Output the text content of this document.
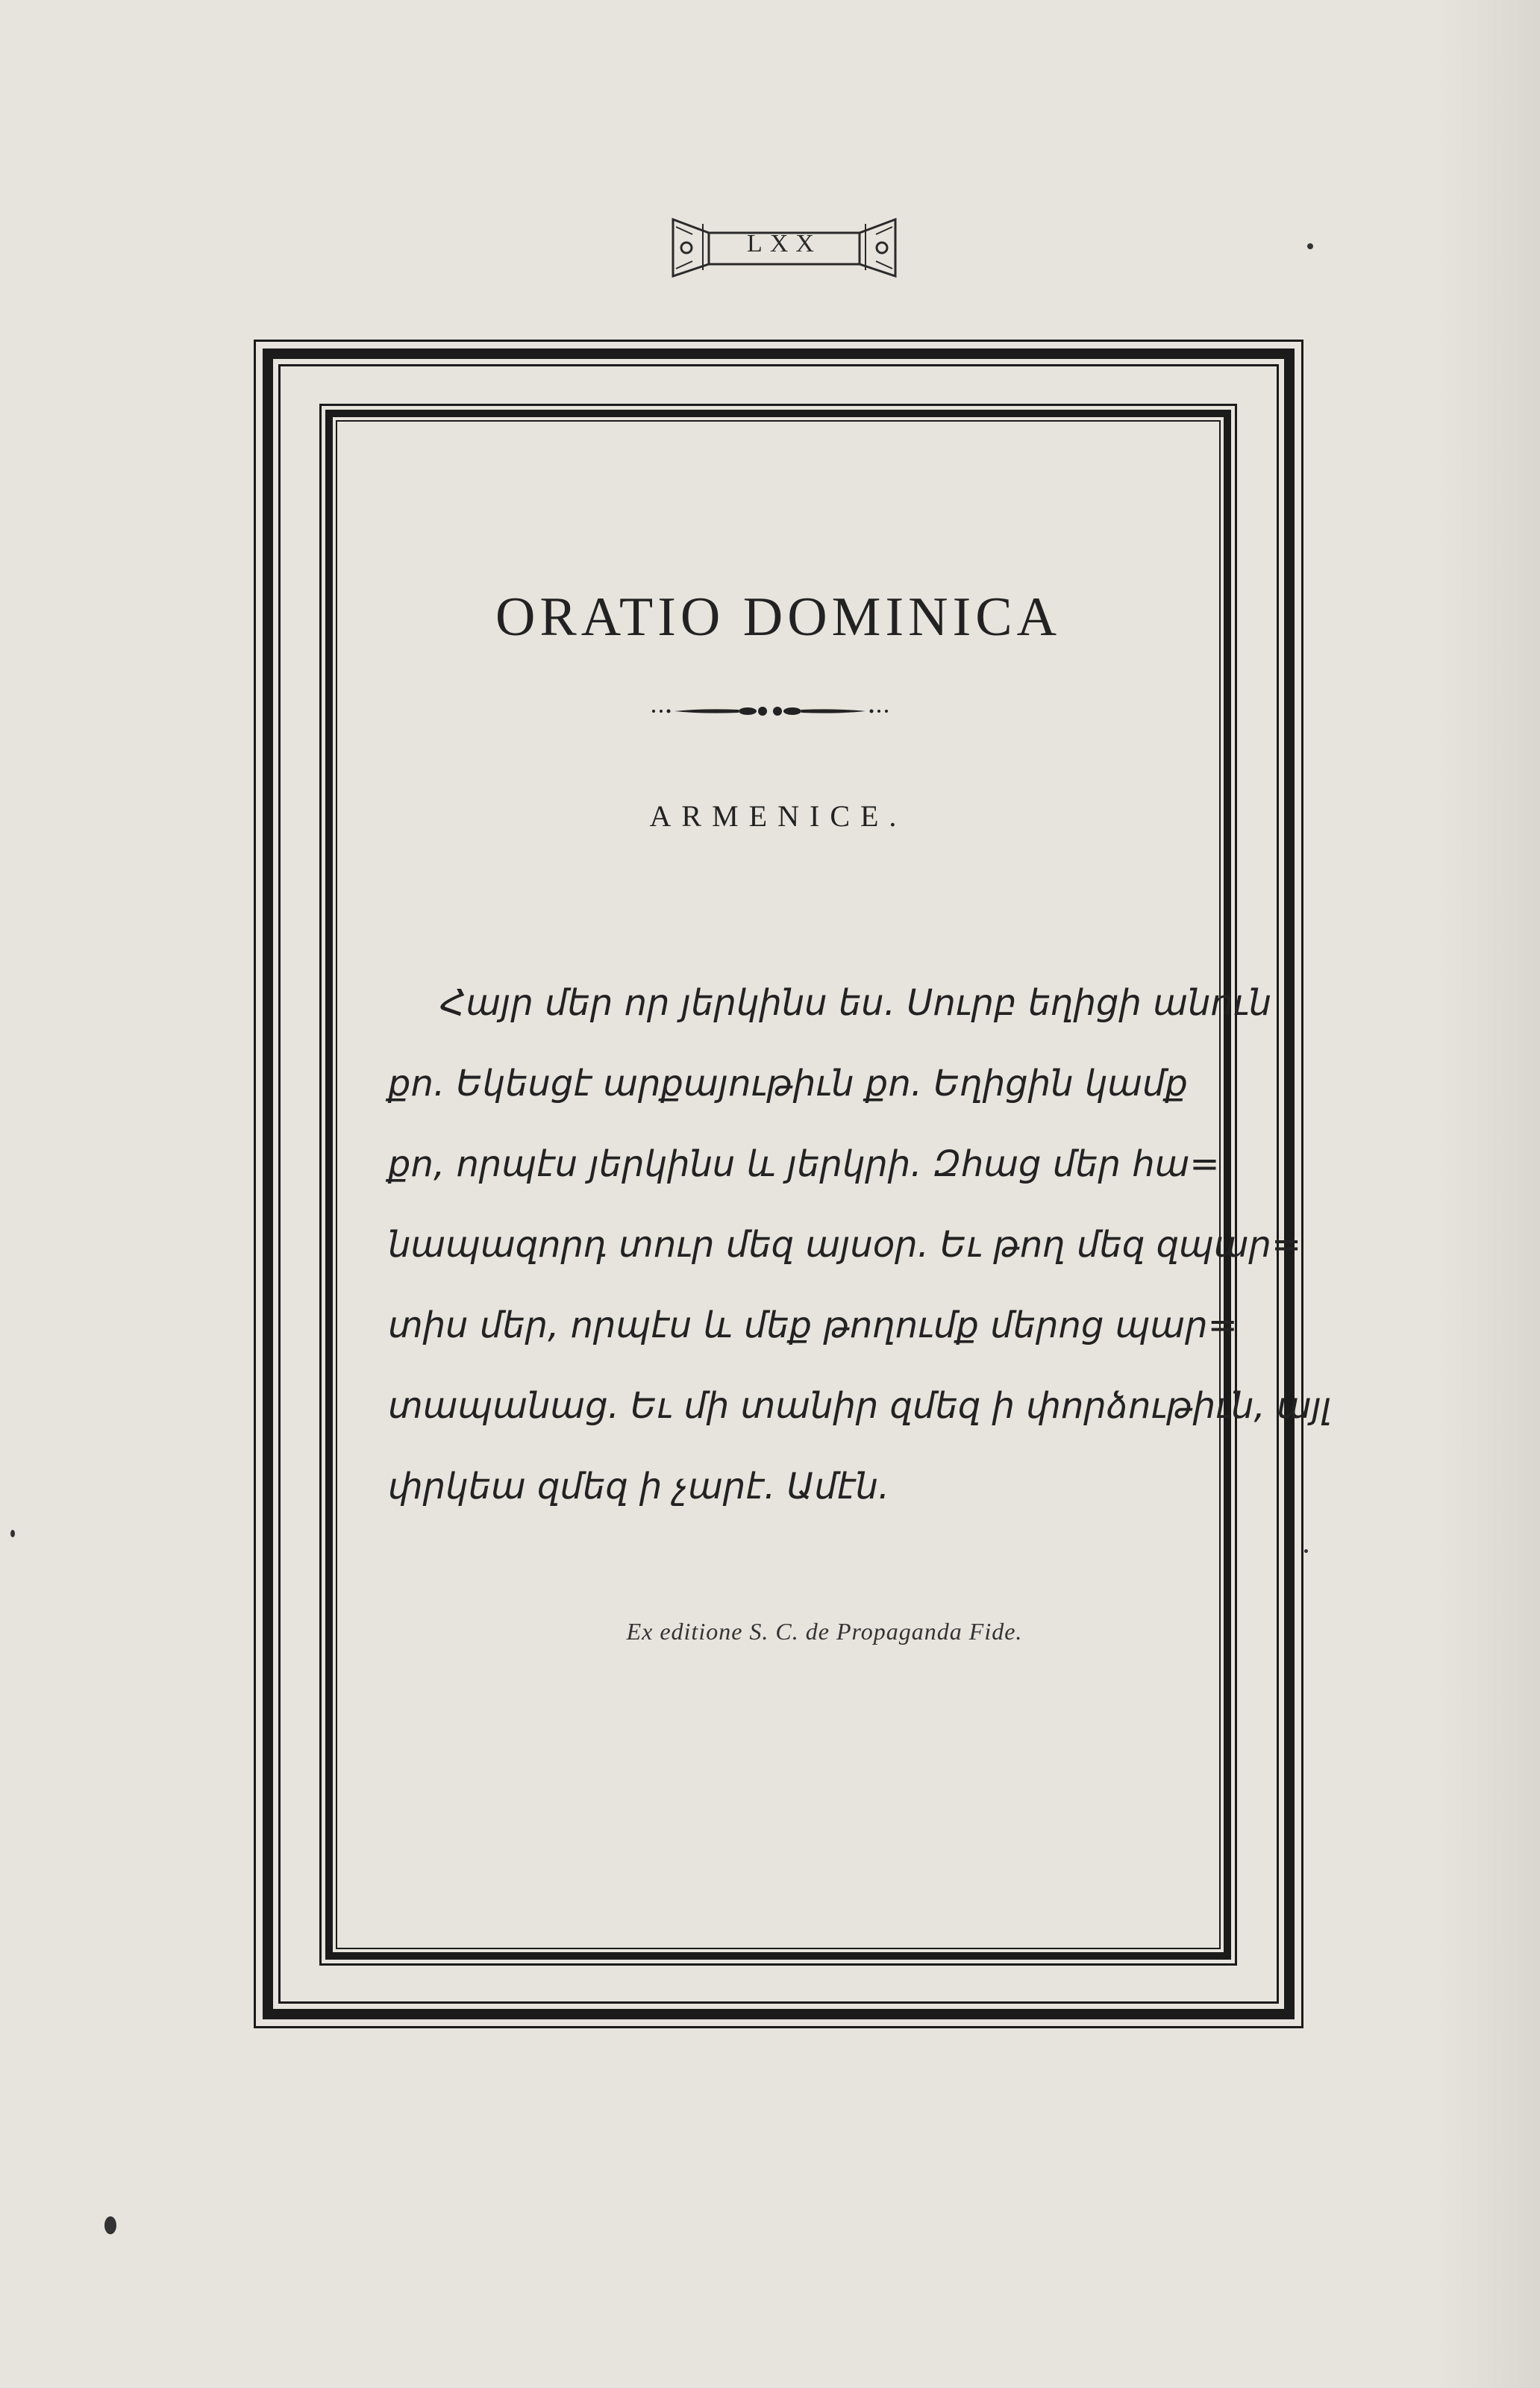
LXX
ORATIO DOMINICA
ARMENICE.
Հայր մեր որ յերկինս ես. Սուրբ եղիցի անուն
քո. Եկեսցէ արքայութիւն քո. Եղիցին կամք
քո, որպէս յերկինս և յերկրի. Զհաց մեր հա=
նապազորդ տուր մեզ այսօր. Եւ թող մեզ զպար=
տիս մեր, որպէս և մեք թողումք մերոց պար=
տապանաց. Եւ մի տանիր զմեզ ի փորձութիւն, այլ
փրկեա զմեզ ի չարէ. Ամէն.
Ex editione S. C. de Propaganda Fide.
